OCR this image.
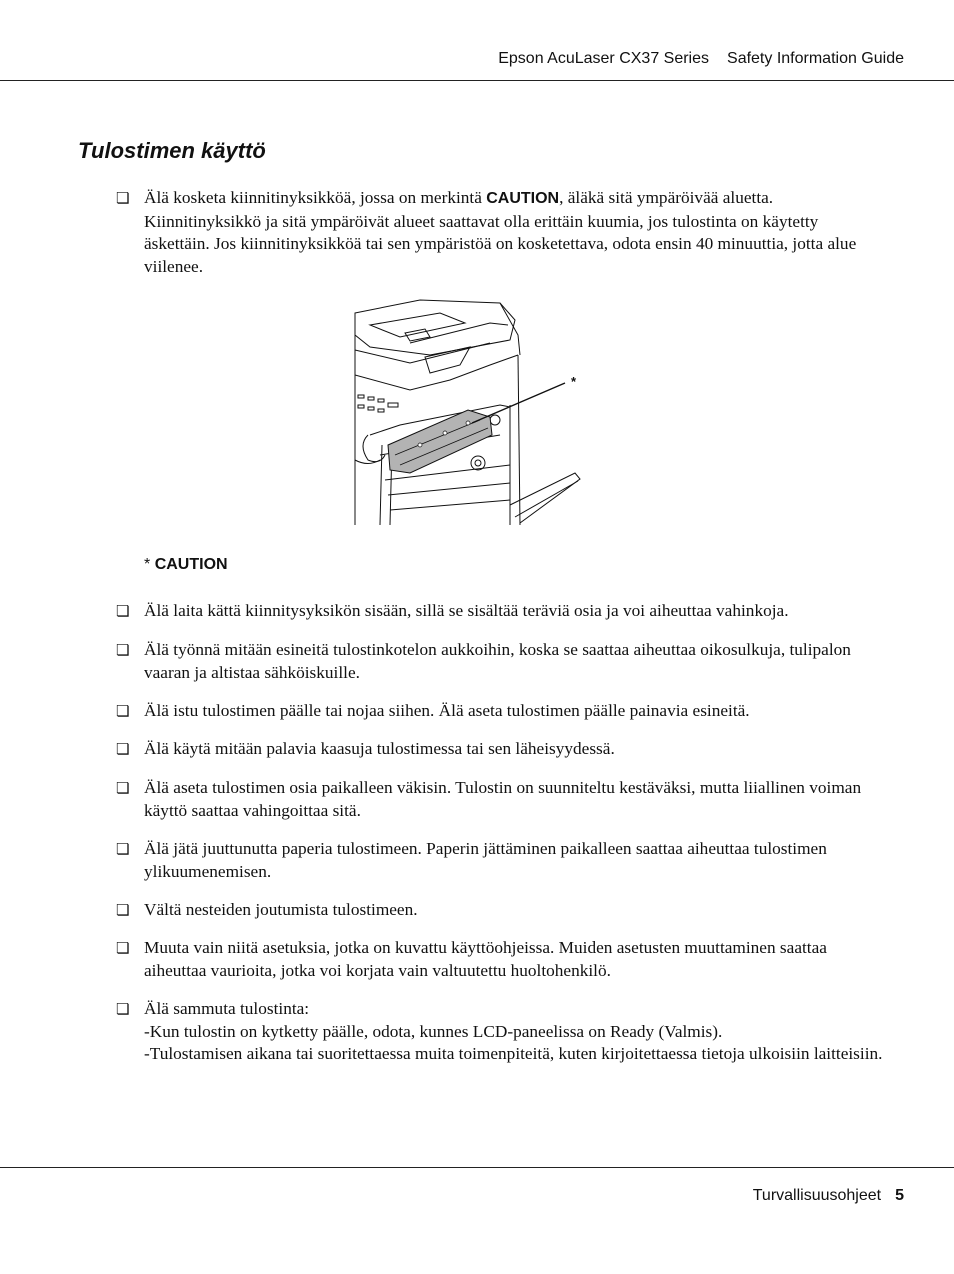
Epson AcuLaser CX37 Series Safety Information Guide
Tulostimen käyttö
❏ Älä kosketa kiinnitinyksikköä, jossa on merkintä CAUTION, äläkä sitä ympäröivää aluetta. Kiinnitinyksikkö ja sitä ympäröivät alueet saattavat olla erittäin kuumia, jos tulostinta on käytetty äskettäin. Jos kiinnitinyksikköä tai sen ympäristöä on kosketettava, odota ensin 40 minuuttia, jotta alue viilenee.
*
* CAUTION
❏ Älä laita kättä kiinnitysyksikön sisään, sillä se sisältää teräviä osia ja voi aiheuttaa vahinkoja.
❏ Älä työnnä mitään esineitä tulostinkotelon aukkoihin, koska se saattaa aiheuttaa oikosulkuja, tulipalon vaaran ja altistaa sähköiskuille.
❏ Älä istu tulostimen päälle tai nojaa siihen. Älä aseta tulostimen päälle painavia esineitä.
❏ Älä käytä mitään palavia kaasuja tulostimessa tai sen läheisyydessä.
❏ Älä aseta tulostimen osia paikalleen väkisin. Tulostin on suunniteltu kestäväksi, mutta liiallinen voiman käyttö saattaa vahingoittaa sitä.
❏ Älä jätä juuttunutta paperia tulostimeen. Paperin jättäminen paikalleen saattaa aiheuttaa tulostimen ylikuumenemisen.
❏ Vältä nesteiden joutumista tulostimeen.
❏ Muuta vain niitä asetuksia, jotka on kuvattu käyttöohjeissa. Muiden asetusten muuttaminen saattaa aiheuttaa vaurioita, jotka voi korjata vain valtuutettu huoltohenkilö.
❏ Älä sammuta tulostinta:
-Kun tulostin on kytketty päälle, odota, kunnes LCD-paneelissa on Ready (Valmis).
-Tulostamisen aikana tai suoritettaessa muita toimenpiteitä, kuten kirjoitettaessa tietoja ulkoisiin laitteisiin.
Turvallisuusohjeet 5
